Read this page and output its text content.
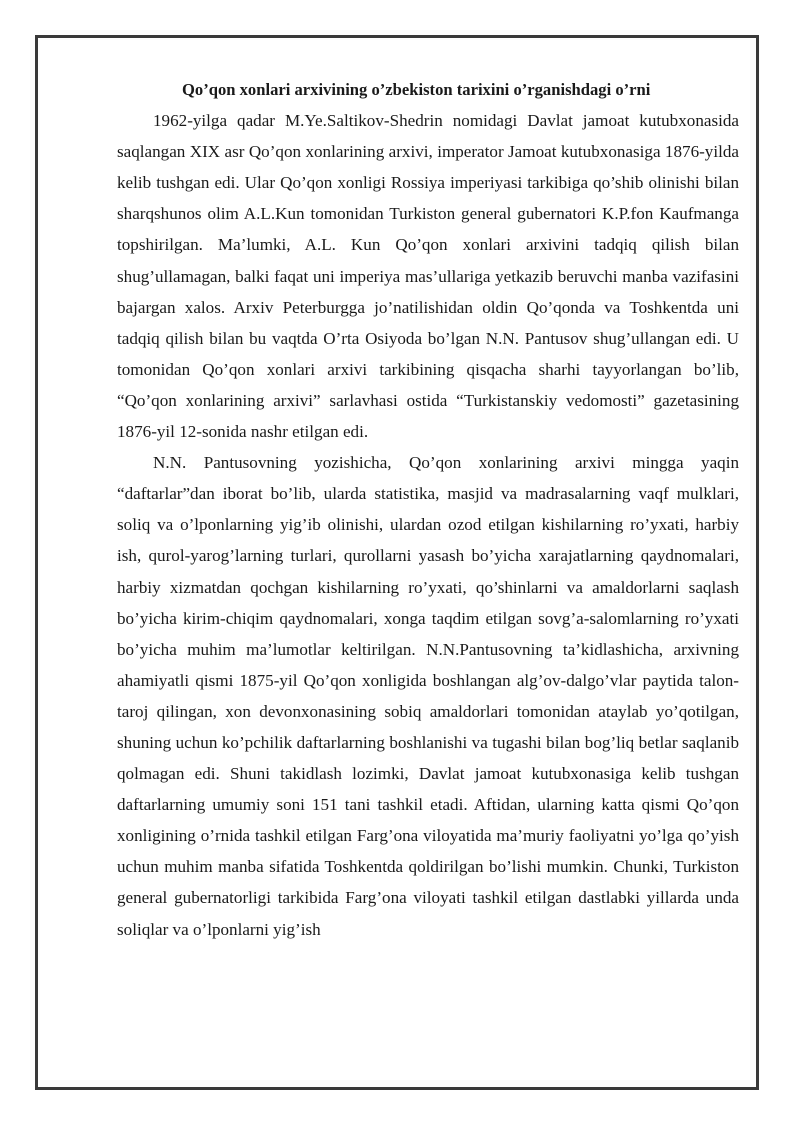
Qo’qon xonlari arxivining o’zbekiston tarixini o’rganishdagi o’rni

1962-yilga qadar M.Ye.Saltikov-Shedrin nomidagi Davlat jamoat kutubxonasida saqlangan XIX asr Qo’qon xonlarining arxivi, imperator Jamoat kutubxonasiga 1876-yilda kelib tushgan edi. Ular Qo’qon xonligi Rossiya imperiyasi tarkibiga qo’shib olinishi bilan sharqshunos olim A.L.Kun tomonidan Turkiston general gubernatori K.P.fon Kaufmanga topshirilgan. Ma’lumki, A.L. Kun Qo’qon xonlari arxivini tadqiq qilish bilan shug’ullamagan, balki faqat uni imperiya mas’ullariga yetkazib beruvchi manba vazifasini bajargan xalos. Arxiv Peterburgga jo’natilishidan oldin Qo’qonda va Toshkentda uni tadqiq qilish bilan bu vaqtda O’rta Osiyoda bo’lgan N.N. Pantusov shug’ullangan edi. U tomonidan Qo’qon xonlari arxivi tarkibining qisqacha sharhi tayyorlangan bo’lib, “Qo’qon xonlarining arxivi” sarlavhasi ostida “Turkistanskiy vedomosti” gazetasining 1876-yil 12-sonida nashr etilgan edi.

N.N. Pantusovning yozishicha, Qo’qon xonlarining arxivi mingga yaqin “daftarlar”dan iborat bo’lib, ularda statistika, masjid va madrasalarning vaqf mulklari, soliq va o’lponlarning yig’ib olinishi, ulardan ozod etilgan kishilarning ro’yxati, harbiy ish, qurol-yarog’larning turlari, qurollarni yasash bo’yicha xarajatlarning qaydnomalari, harbiy xizmatdan qochgan kishilarning ro’yxati, qo’shinlarni va amaldorlarni saqlash bo’yicha kirim-chiqim qaydnomalari, xonga taqdim etilgan sovg’a-salomlarning ro’yxati bo’yicha muhim ma’lumotlar keltirilgan. N.N.Pantusovning ta’kidlashicha, arxivning ahamiyatli qismi 1875-yil Qo’qon xonligida boshlangan alg’ov-dalgo’vlar paytida talon-taroj qilingan, xon devonxonasining sobiq amaldorlari tomonidan ataylab yo’qotilgan, shuning uchun ko’pchilik daftarlarning boshlanishi va tugashi bilan bog’liq betlar saqlanib qolmagan edi. Shuni takidlash lozimki, Davlat jamoat kutubxonasiga kelib tushgan daftarlarning umumiy soni 151 tani tashkil etadi. Aftidan, ularning katta qismi Qo’qon xonligining o’rnida tashkil etilgan Farg’ona viloyatida ma’muriy faoliyatni yo’lga qo’yish uchun muhim manba sifatida Toshkentda qoldirilgan bo’lishi mumkin. Chunki, Turkiston general gubernatorligi tarkibida Farg’ona viloyati tashkil etilgan dastlabki yillarda unda soliqlar va o’lponlarni yig’ish
